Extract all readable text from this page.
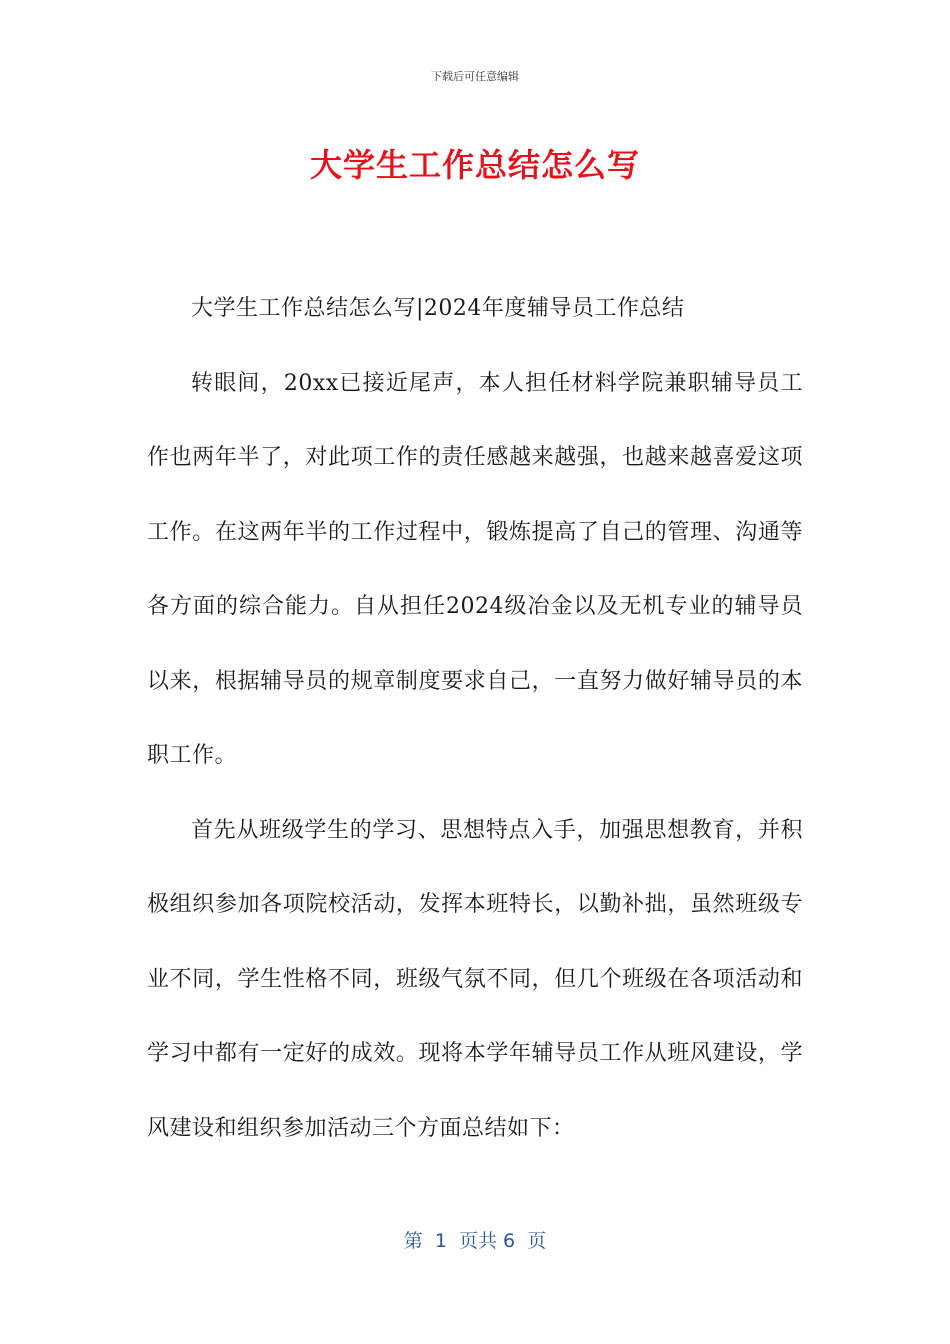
下载后可任意编辑
大学生工作总结怎么写

大学生工作总结怎么写|2024年度辅导员工作总结

转眼间，20xx已接近尾声，本人担任材料学院兼职辅导员工作也两年半了，对此项工作的责任感越来越强，也越来越喜爱这项工作。在这两年半的工作过程中，锻炼提高了自己的管理、沟通等各方面的综合能力。自从担任2024级冶金以及无机专业的辅导员以来，根据辅导员的规章制度要求自己，一直努力做好辅导员的本职工作。

首先从班级学生的学习、思想特点入手，加强思想教育，并积极组织参加各项院校活动，发挥本班特长，以勤补拙，虽然班级专业不同，学生性格不同，班级气氛不同，但几个班级在各项活动和学习中都有一定好的成效。现将本学年辅导员工作从班风建设，学风建设和组织参加活动三个方面总结如下：

第  1  页共 6  页
